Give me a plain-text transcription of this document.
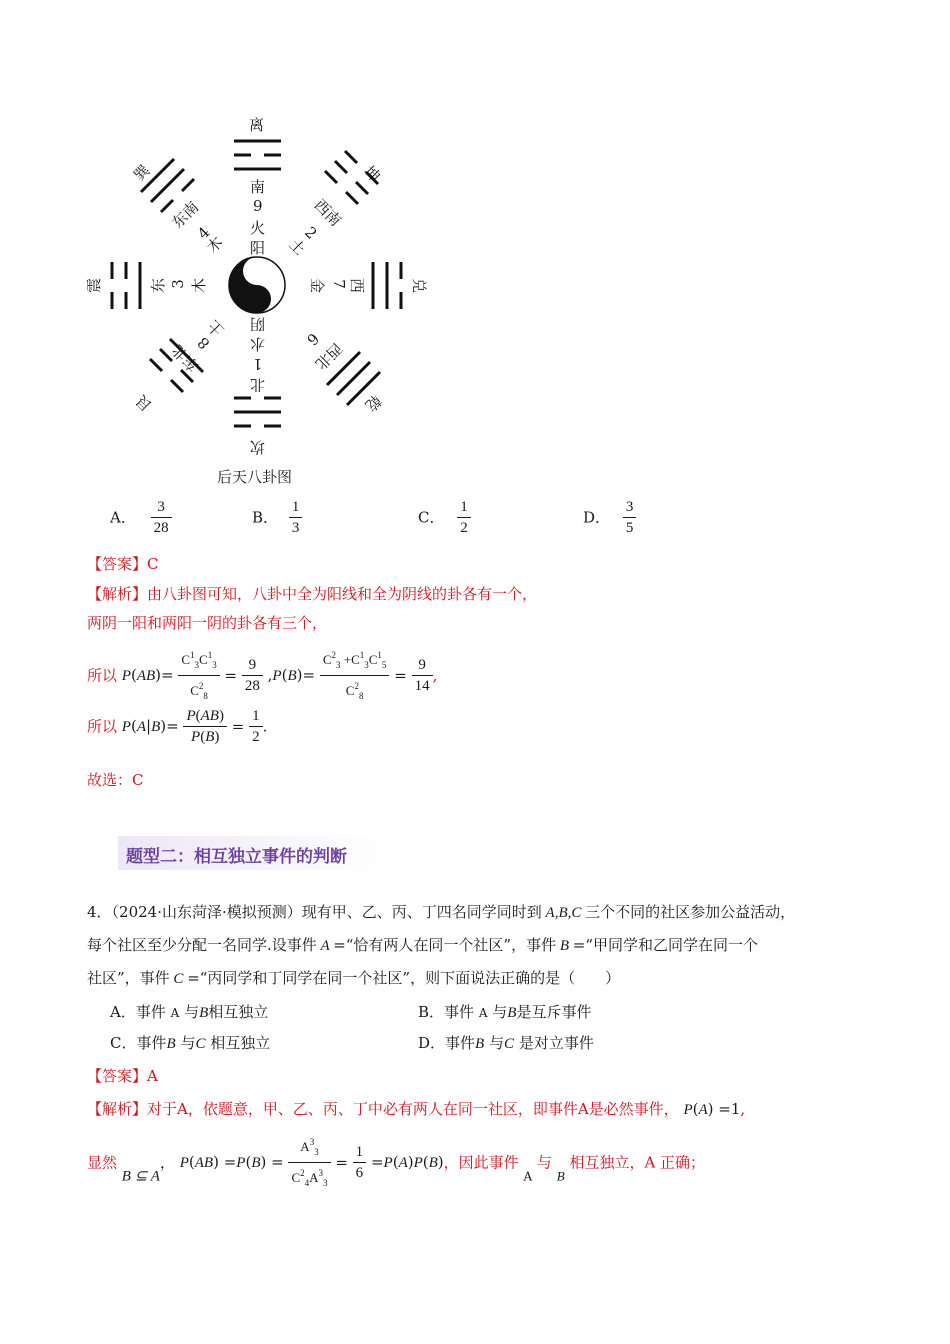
离
坎
震	兑
巽	坤
艮	乾
南
9
火
阳
阴
水
1
北
东 3 木	西
7
金
东南
4
木
西南
2
土
西北
6
土
8
东北
后天八卦图
A． $\frac{3}{28}$	B． $\frac{1}{3}$	C． $\frac{1}{2}$	D． $\frac{3}{5}$
【答案】C
【解析】由八卦图可知，八卦中全为阳线和全为阴线的卦各有一个，
两阴一阳和两阳一阴的卦各有三个，
所以 $P(AB)= \frac{C^1_3C^1_3}{C^2_8} = \frac{9}{28} ,P(B)= \frac{C^2_3 +C^1_3C^1_5}{C^2_8} = \frac{9}{14}$ ,
所以 $P(A|B)= \frac{P(AB)}{P(B)} = \frac{1}{2}$ .
故选：C
题型二：相互独立事件的判断
4．（2024·山东菏泽·模拟预测）现有甲、乙、丙、丁四名同学同时到 A,B,C 三个不同的社区参加公益活动，
每个社区至少分配一名同学.设事件 A =“恰有两人在同一个社区”，事件 B =“甲同学和乙同学在同一个
社区”，事件 C =“丙同学和丁同学在同一个社区”，则下面说法正确的是（　　）
A．事件 A 与B相互独立	B．事件 A 与B是互斥事件
C．事件B 与C 相互独立	D．事件B 与C 是对立事件
【答案】A
【解析】对于A，依题意，甲、乙、丙、丁中必有两人在同一社区，即事件A是必然事件， P(A) =1,
显然 B ⊆ A， $P(AB) =P(B) = \frac{A^3_3}{C^2_4A^3_3} = \frac{1}{6} =P(A)P(B)$，因此事件 $_A$ 与 B 相互独立，A 正确；
